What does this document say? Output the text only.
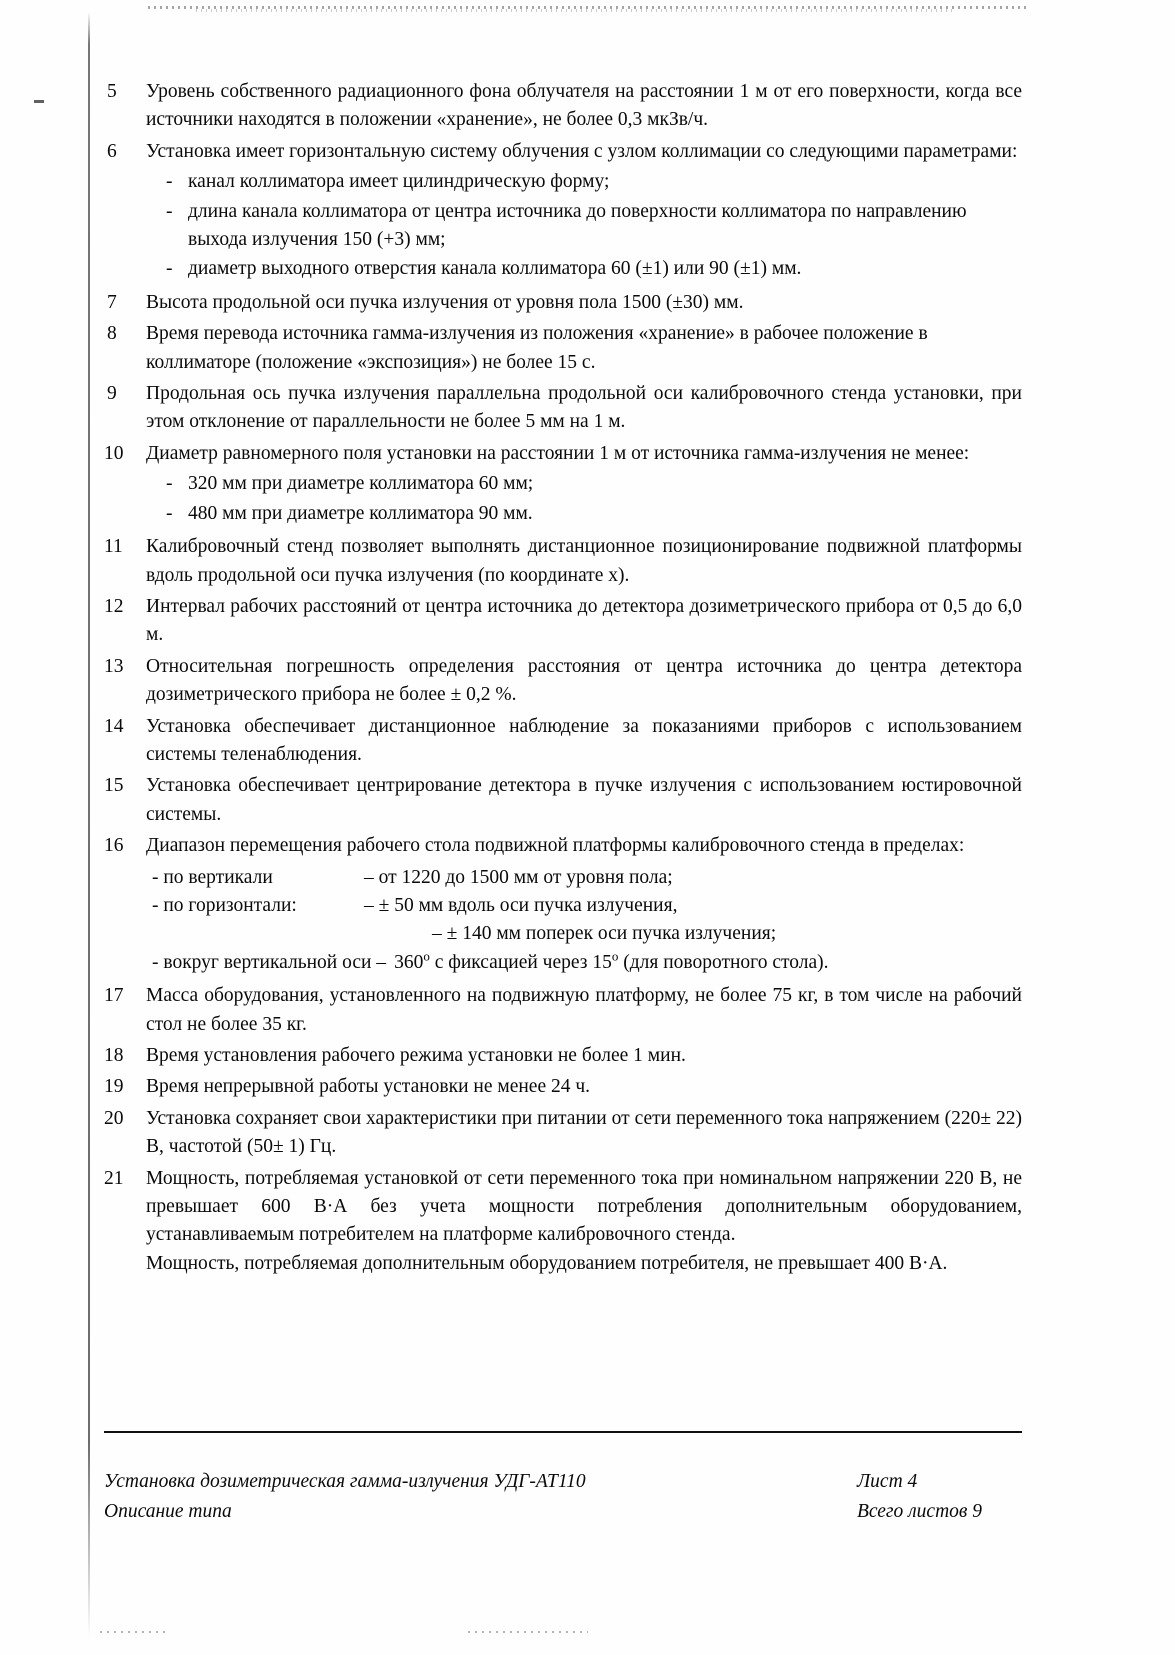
5	Уровень собственного радиационного фона облучателя на расстоянии 1 м от его поверхности, когда все источники находятся в положении «хранение», не более 0,3 мкЗв/ч.
6	Установка имеет горизонтальную систему облучения с узлом коллимации со следующими параметрами:
- канал коллиматора имеет цилиндрическую форму;
- длина канала коллиматора от центра источника до поверхности коллиматора по направлению выхода излучения 150 (+3) мм;
- диаметр выходного отверстия канала коллиматора 60 (±1) или 90 (±1) мм.
7	Высота продольной оси пучка излучения от уровня пола 1500 (±30) мм.
8	Время перевода источника гамма-излучения из положения «хранение» в рабочее положение в коллиматоре (положение «экспозиция») не более 15 с.
9	Продольная ось пучка излучения параллельна продольной оси калибровочного стенда установки, при этом отклонение от параллельности не более 5 мм на 1 м.
10	Диаметр равномерного поля установки на расстоянии 1 м от источника гамма-излучения не менее:
- 320 мм при диаметре коллиматора 60 мм;
- 480 мм при диаметре коллиматора 90 мм.
11	Калибровочный стенд позволяет выполнять дистанционное позиционирование подвижной платформы вдоль продольной оси пучка излучения (по координате х).
12	Интервал рабочих расстояний от центра источника до детектора дозиметрического прибора от 0,5 до 6,0 м.
13	Относительная погрешность определения расстояния от центра источника до центра детектора дозиметрического прибора не более ± 0,2 %.
14	Установка обеспечивает дистанционное наблюдение за показаниями приборов с использованием системы теленаблюдения.
15	Установка обеспечивает центрирование детектора в пучке излучения с использованием юстировочной системы.
16	Диапазон перемещения рабочего стола подвижной платформы калибровочного стенда в пределах:
- по вертикали	– от 1220 до 1500 мм от уровня пола;
- по горизонтали:	– ± 50 мм вдоль оси пучка излучения,
– ± 140 мм поперек оси пучка излучения;
- вокруг вертикальной оси – $360^о$ с фиксацией через $15^о$ (для поворотного стола).
17	Масса оборудования, установленного на подвижную платформу, не более 75 кг, в том числе на рабочий стол не более 35 кг.
18	Время установления рабочего режима установки не более 1 мин.
19	Время непрерывной работы установки не менее 24 ч.
20	Установка сохраняет свои характеристики при питании от сети переменного тока напряжением (220± 22) В, частотой (50± 1) Гц.
21	Мощность, потребляемая установкой от сети переменного тока при номинальном напряжении 220 В, не превышает 600 В·А без учета мощности потребления дополнительным оборудованием, устанавливаемым потребителем на платформе калибровочного стенда.
Мощность, потребляемая дополнительным оборудованием потребителя, не превышает 400 В·А.
Установка дозиметрическая гамма-излучения УДГ-АТ110
Описание типа
Лист 4
Всего листов 9
